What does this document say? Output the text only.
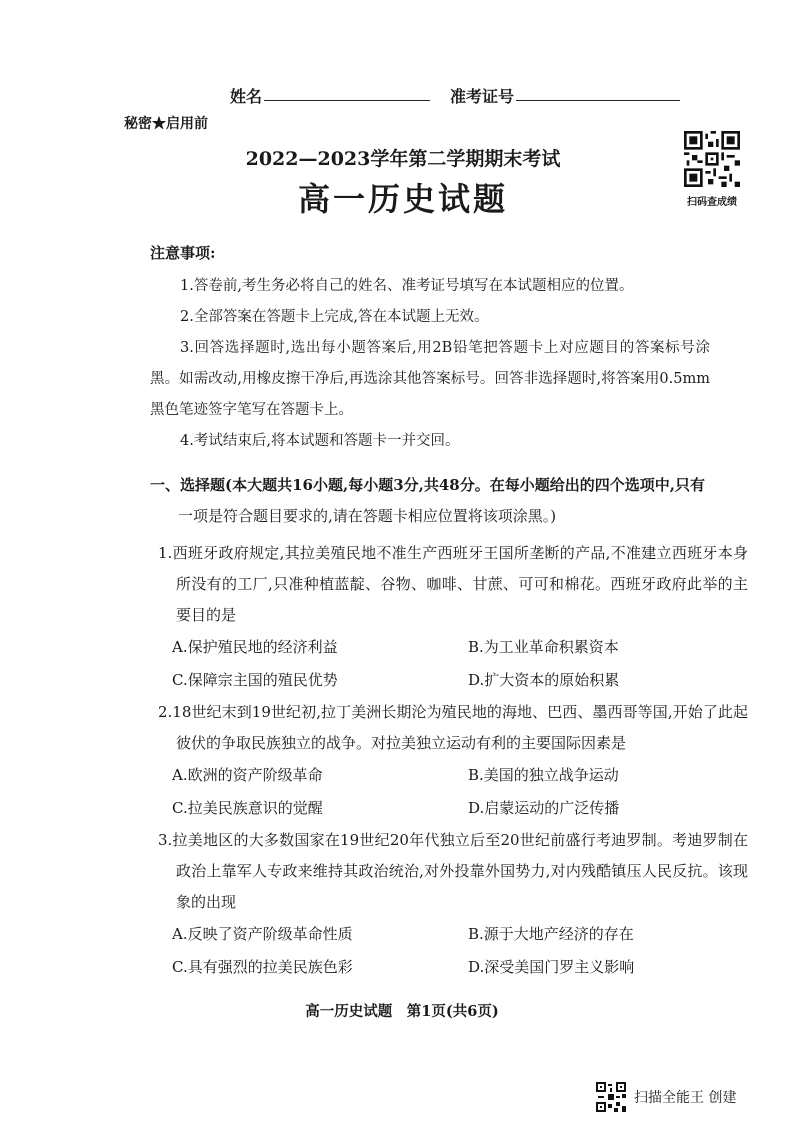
姓名	准考证号
秘密★启用前
2022—2023学年第二学期期末考试
高一历史试题	扫码查成绩
注意事项:
1.答卷前,考生务必将自己的姓名、准考证号填写在本试题相应的位置。
2.全部答案在答题卡上完成,答在本试题上无效。
3.回答选择题时,选出每小题答案后,用2B铅笔把答题卡上对应题目的答案标号涂黑。如需改动,用橡皮擦干净后,再选涂其他答案标号。回答非选择题时,将答案用0.5mm黑色笔迹签字笔写在答题卡上。
4.考试结束后,将本试题和答题卡一并交回。
一、选择题(本大题共16小题,每小题3分,共48分。在每小题给出的四个选项中,只有
一项是符合题目要求的,请在答题卡相应位置将该项涂黑。)
1.西班牙政府规定,其拉美殖民地不准生产西班牙王国所垄断的产品,不准建立西班牙本身所没有的工厂,只准种植蓝靛、谷物、咖啡、甘蔗、可可和棉花。西班牙政府此举的主要目的是
A.保护殖民地的经济利益	B.为工业革命积累资本
C.保障宗主国的殖民优势	D.扩大资本的原始积累
2.18世纪末到19世纪初,拉丁美洲长期沦为殖民地的海地、巴西、墨西哥等国,开始了此起彼伏的争取民族独立的战争。对拉美独立运动有利的主要国际因素是
A.欧洲的资产阶级革命	B.美国的独立战争运动
C.拉美民族意识的觉醒	D.启蒙运动的广泛传播
3.拉美地区的大多数国家在19世纪20年代独立后至20世纪前盛行考迪罗制。考迪罗制在政治上靠军人专政来维持其政治统治,对外投靠外国势力,对内残酷镇压人民反抗。该现象的出现
A.反映了资产阶级革命性质	B.源于大地产经济的存在
C.具有强烈的拉美民族色彩	D.深受美国门罗主义影响
高一历史试题　第1页(共6页)
扫描全能王 创建
